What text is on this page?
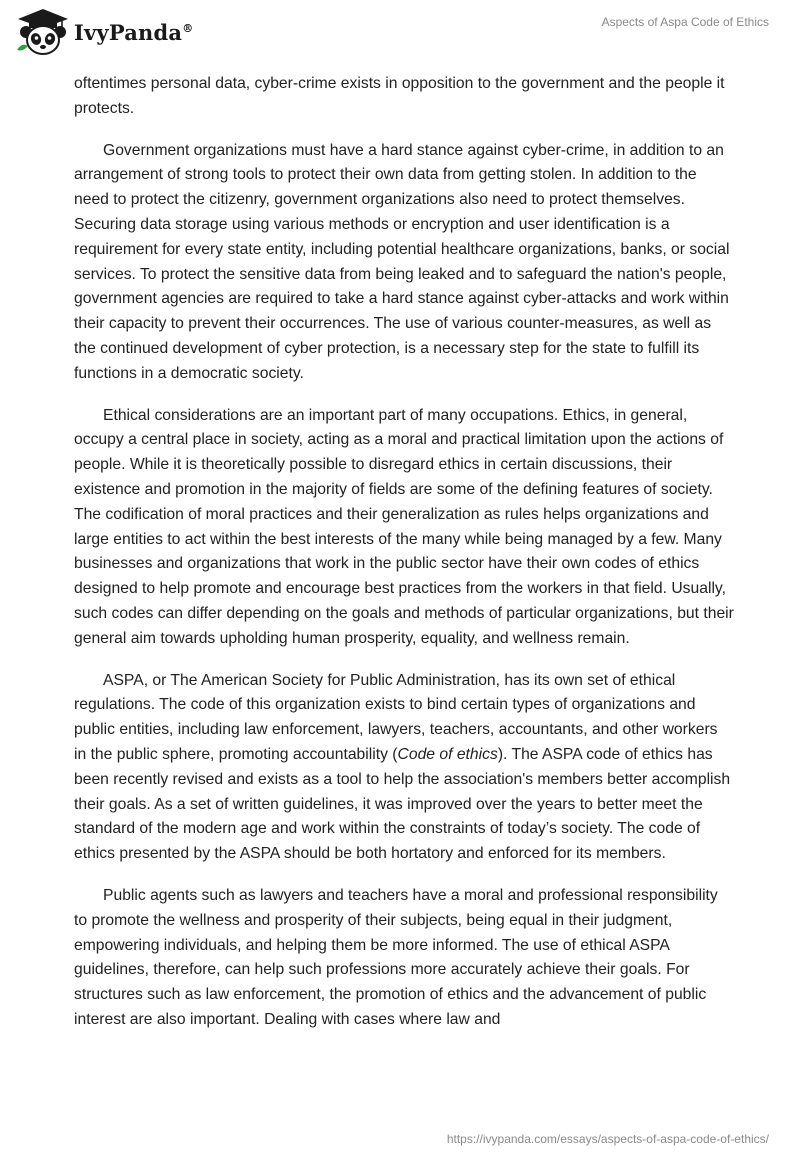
IvyPanda®	Aspects of Aspa Code of Ethics

oftentimes personal data, cyber-crime exists in opposition to the government and the people it protects.

Government organizations must have a hard stance against cyber-crime, in addition to an arrangement of strong tools to protect their own data from getting stolen. In addition to the need to protect the citizenry, government organizations also need to protect themselves. Securing data storage using various methods or encryption and user identification is a requirement for every state entity, including potential healthcare organizations, banks, or social services. To protect the sensitive data from being leaked and to safeguard the nation's people, government agencies are required to take a hard stance against cyber-attacks and work within their capacity to prevent their occurrences. The use of various counter-measures, as well as the continued development of cyber protection, is a necessary step for the state to fulfill its functions in a democratic society.

Ethical considerations are an important part of many occupations. Ethics, in general, occupy a central place in society, acting as a moral and practical limitation upon the actions of people. While it is theoretically possible to disregard ethics in certain discussions, their existence and promotion in the majority of fields are some of the defining features of society. The codification of moral practices and their generalization as rules helps organizations and large entities to act within the best interests of the many while being managed by a few. Many businesses and organizations that work in the public sector have their own codes of ethics designed to help promote and encourage best practices from the workers in that field. Usually, such codes can differ depending on the goals and methods of particular organizations, but their general aim towards upholding human prosperity, equality, and wellness remain.

ASPA, or The American Society for Public Administration, has its own set of ethical regulations. The code of this organization exists to bind certain types of organizations and public entities, including law enforcement, lawyers, teachers, accountants, and other workers in the public sphere, promoting accountability (Code of ethics). The ASPA code of ethics has been recently revised and exists as a tool to help the association's members better accomplish their goals. As a set of written guidelines, it was improved over the years to better meet the standard of the modern age and work within the constraints of today’s society. The code of ethics presented by the ASPA should be both hortatory and enforced for its members.

Public agents such as lawyers and teachers have a moral and professional responsibility to promote the wellness and prosperity of their subjects, being equal in their judgment, empowering individuals, and helping them be more informed. The use of ethical ASPA guidelines, therefore, can help such professions more accurately achieve their goals. For structures such as law enforcement, the promotion of ethics and the advancement of public interest are also important. Dealing with cases where law and

https://ivypanda.com/essays/aspects-of-aspa-code-of-ethics/
